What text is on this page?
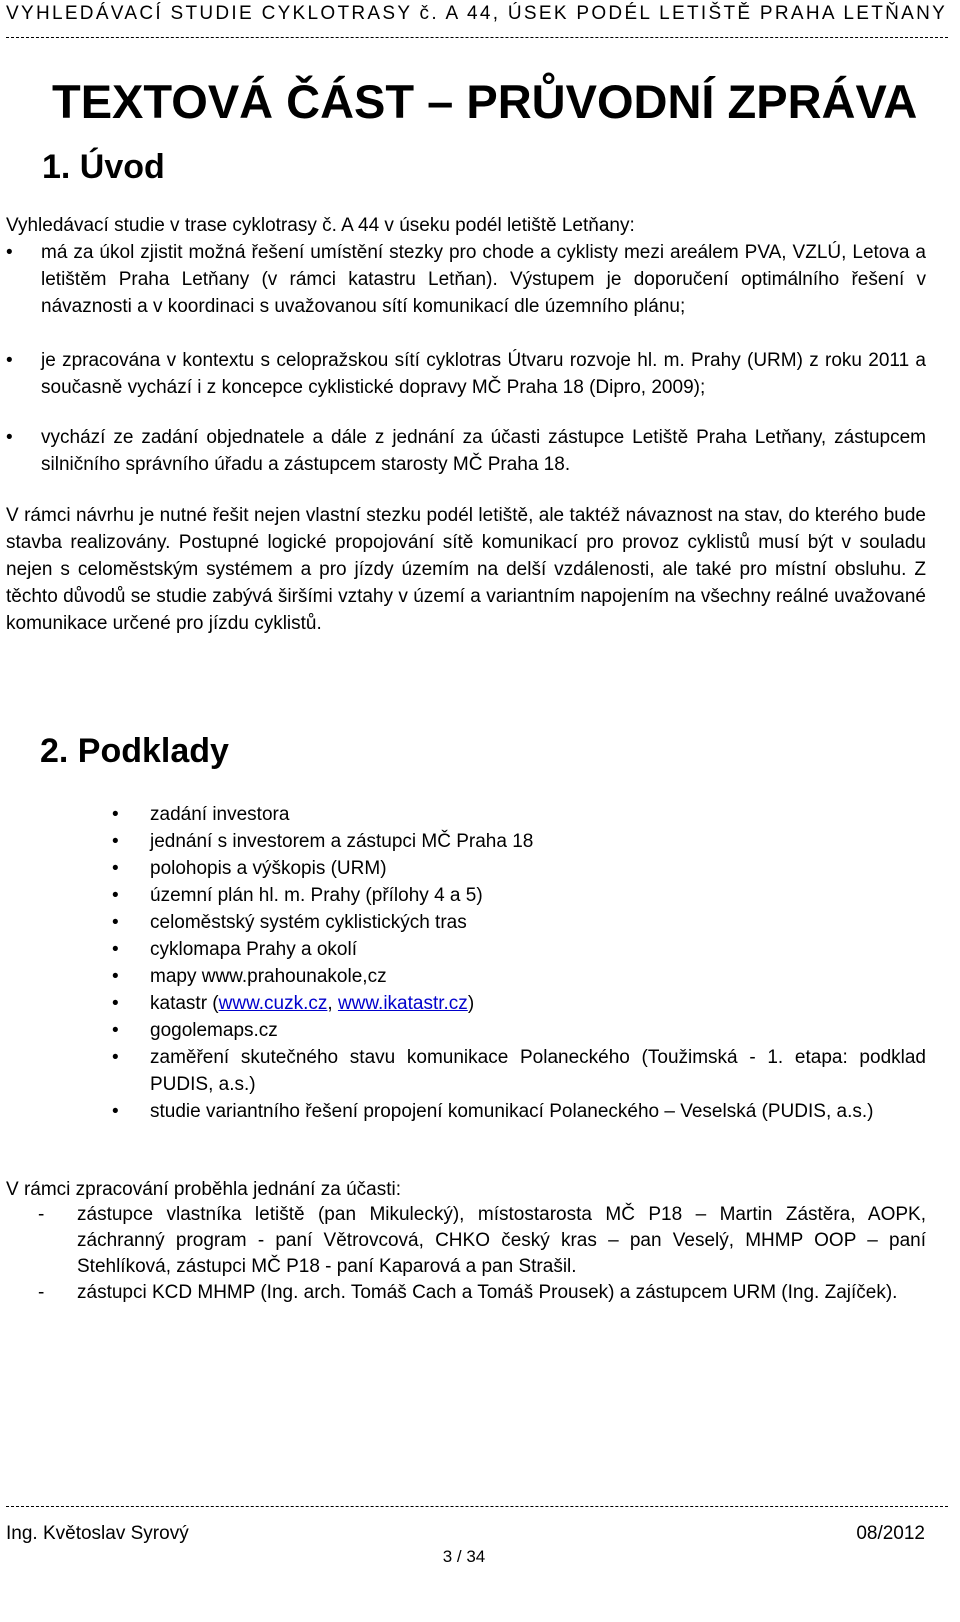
VYHLEDÁVACÍ STUDIE CYKLOTRASY č. A 44, ÚSEK PODÉL LETIŠTĚ PRAHA LETŇANY
TEXTOVÁ ČÁST – PRŮVODNÍ ZPRÁVA
1. Úvod

Vyhledávací studie v trase cyklotrasy č. A 44 v úseku podél letiště Letňany:

•	má za úkol zjistit možná řešení umístění stezky pro chode a cyklisty mezi areálem PVA, VZLÚ, Letova a letištěm Praha Letňany (v rámci katastru Letňan). Výstupem je doporučení optimálního řešení v návaznosti a v koordinaci s uvažovanou sítí komunikací dle územního plánu;
•	je zpracována v kontextu s celopražskou sítí cyklotras Útvaru rozvoje hl. m. Prahy (URM) z roku 2011 a současně vychází i z koncepce cyklistické dopravy MČ Praha 18 (Dipro, 2009);
•	vychází ze zadání objednatele a dále z jednání za účasti zástupce Letiště Praha Letňany, zástupcem silničního správního úřadu a zástupcem starosty MČ Praha 18.

V rámci návrhu je nutné řešit nejen vlastní stezku podél letiště, ale taktéž návaznost na stav, do kterého bude stavba realizovány. Postupné logické propojování sítě komunikací pro provoz cyklistů musí být v souladu nejen s celoměstským systémem a pro jízdy územím na delší vzdálenosti, ale také pro místní obsluhu. Z těchto důvodů se studie zabývá širšími vztahy v území a variantním napojením na všechny reálné uvažované komunikace určené pro jízdu cyklistů.

2. Podklady
• zadání investora
• jednání s investorem a zástupci MČ Praha 18
• polohopis a výškopis (URM)
• územní plán hl. m. Prahy (přílohy 4 a 5)
• celoměstský systém cyklistických tras
• cyklomapa Prahy a okolí
• mapy www.prahounakole,cz
• katastr (www.cuzk.cz, www.ikatastr.cz)
• gogolemaps.cz
• zaměření skutečného stavu komunikace Polaneckého (Toužimská - 1. etapa: podklad PUDIS, a.s.)
• studie variantního řešení propojení komunikací Polaneckého – Veselská (PUDIS, a.s.)

V rámci zpracování proběhla jednání za účasti:

- zástupce vlastníka letiště (pan Mikulecký), místostarosta MČ P18 – Martin Zástěra, AOPK, záchranný program - paní Větrovcová, CHKO český kras – pan Veselý, MHMP OOP – paní Stehlíková, zástupci MČ P18 - paní Kaparová a pan Strašil.
- zástupci KCD MHMP (Ing. arch. Tomáš Cach a Tomáš Prousek) a zástupcem URM (Ing. Zajíček).
Ing. Květoslav Syrový	08/2012
3 / 34
